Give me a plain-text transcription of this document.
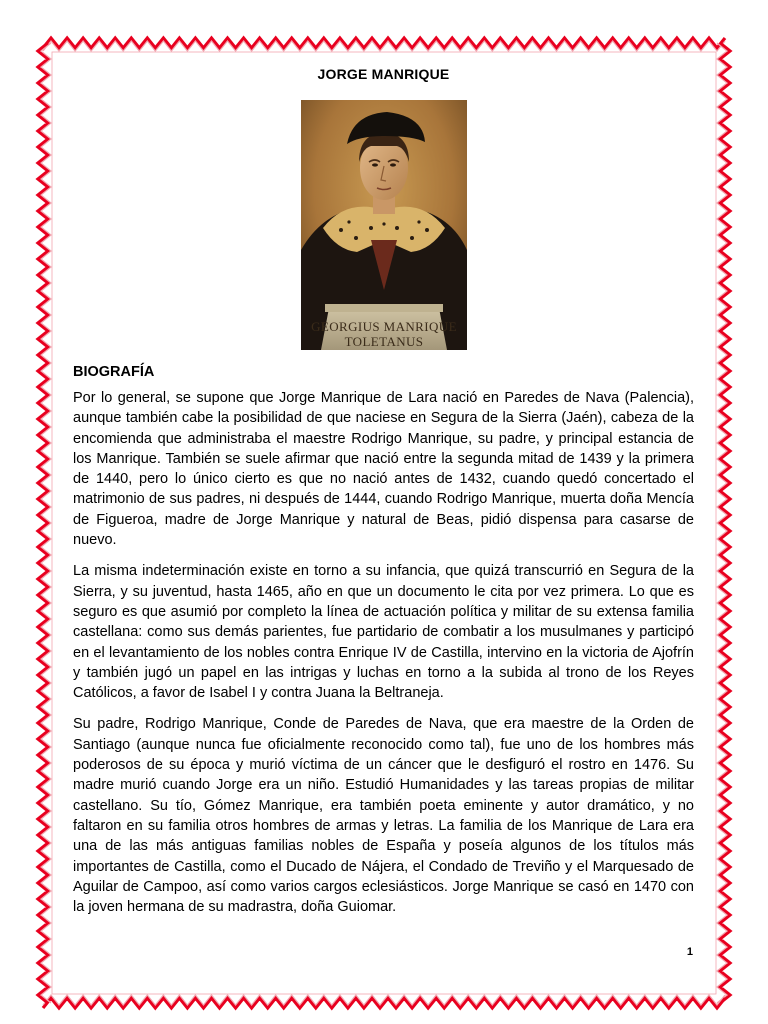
JORGE MANRIQUE
GEORGIUS MANRIQUE
TOLETANUS
BIOGRAFÍA

Por lo general, se supone que Jorge Manrique de Lara nació en Paredes de Nava (Palencia), aunque también cabe la posibilidad de que naciese en Segura de la Sierra (Jaén), cabeza de la encomienda que administraba el maestre Rodrigo Manrique, su padre, y principal estancia de los Manrique. También se suele afirmar que nació entre la segunda mitad de 1439 y la primera de 1440, pero lo único cierto es que no nació antes de 1432, cuando quedó concertado el matrimonio de sus padres, ni después de 1444, cuando Rodrigo Manrique, muerta doña Mencía de Figueroa, madre de Jorge Manrique y natural de Beas, pidió dispensa para casarse de nuevo.

La misma indeterminación existe en torno a su infancia, que quizá transcurrió en Segura de la Sierra, y su juventud, hasta 1465, año en que un documento le cita por vez primera. Lo que es seguro es que asumió por completo la línea de actuación política y militar de su extensa familia castellana: como sus demás parientes, fue partidario de combatir a los musulmanes y participó en el levantamiento de los nobles contra Enrique IV de Castilla, intervino en la victoria de Ajofrín y también jugó un papel en las intrigas y luchas en torno a la subida al trono de los Reyes Católicos, a favor de Isabel I y contra Juana la Beltraneja.

Su padre, Rodrigo Manrique, Conde de Paredes de Nava, que era maestre de la Orden de Santiago (aunque nunca fue oficialmente reconocido como tal), fue uno de los hombres más poderosos de su época y murió víctima de un cáncer que le desfiguró el rostro en 1476. Su madre murió cuando Jorge era un niño. Estudió Humanidades y las tareas propias de militar castellano. Su tío, Gómez Manrique, era también poeta eminente y autor dramático, y no faltaron en su familia otros hombres de armas y letras. La familia de los Manrique de Lara era una de las más antiguas familias nobles de España y poseía algunos de los títulos más importantes de Castilla, como el Ducado de Nájera, el Condado de Treviño y el Marquesado de Aguilar de Campoo, así como varios cargos eclesiásticos. Jorge Manrique se casó en 1470 con la joven hermana de su madrastra, doña Guiomar.

1
